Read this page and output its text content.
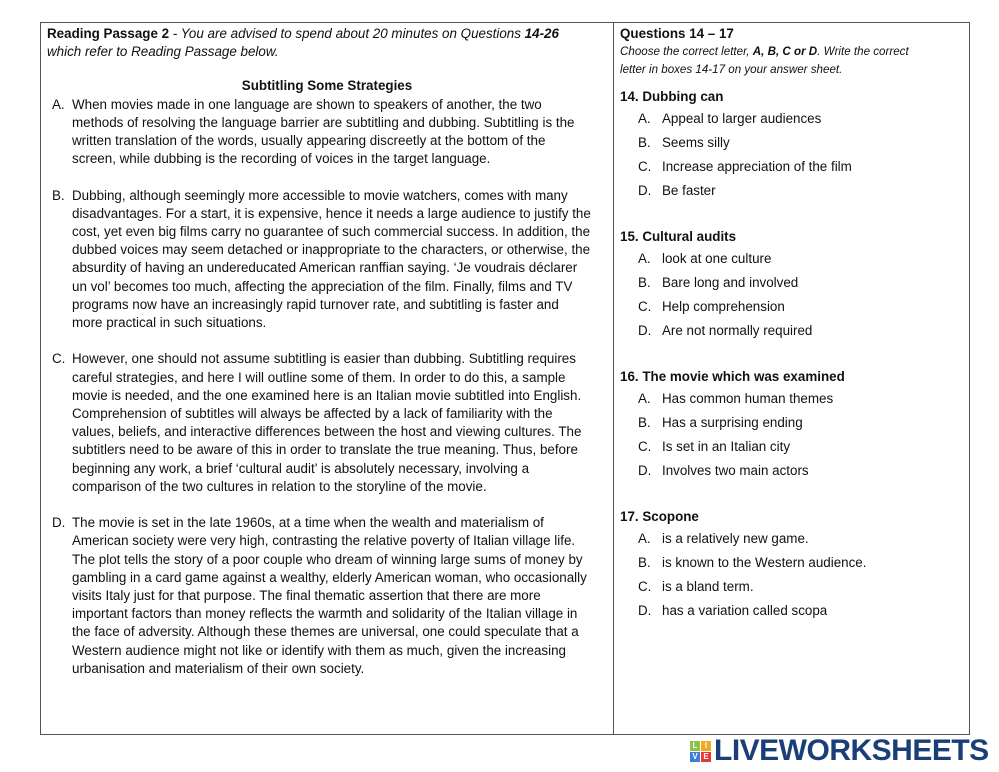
Reading Passage 2 - You are advised to spend about 20 minutes on Questions 14-26
which refer to Reading Passage below.
Subtitling Some Strategies
A. When movies made in one language are shown to speakers of another, the two
methods of resolving the language barrier are subtitling and dubbing. Subtitling is the
written translation of the words, usually appearing discreetly at the bottom of the
screen, while dubbing is the recording of voices in the target language.
B. Dubbing, although seemingly more accessible to movie watchers, comes with many
disadvantages. For a start, it is expensive, hence it needs a large audience to justify the
cost, yet even big films carry no guarantee of such commercial success. In addition, the
dubbed voices may seem detached or inappropriate to the characters, or otherwise, the
absurdity of having an undereducated American ranffian saying. ‘Je voudrais déclarer
un vol’ becomes too much, affecting the appreciation of the film. Finally, films and TV
programs now have an increasingly rapid turnover rate, and subtitling is faster and
more practical in such situations.
C. However, one should not assume subtitling is easier than dubbing. Subtitling requires
careful strategies, and here I will outline some of them. In order to do this, a sample
movie is needed, and the one examined here is an Italian movie subtitled into English.
Comprehension of subtitles will always be affected by a lack of familiarity with the
values, beliefs, and interactive differences between the host and viewing cultures. The
subtitlers need to be aware of this in order to translate the true meaning. Thus, before
beginning any work, a brief ‘cultural audit’ is absolutely necessary, involving a
comparison of the two cultures in relation to the storyline of the movie.
D. The movie is set in the late 1960s, at a time when the wealth and materialism of
American society were very high, contrasting the relative poverty of Italian village life.
The plot tells the story of a poor couple who dream of winning large sums of money by
gambling in a card game against a wealthy, elderly American woman, who occasionally
visits Italy just for that purpose. The final thematic assertion that there are more
important factors than money reflects the warmth and solidarity of the Italian village in
the face of adversity. Although these themes are universal, one could speculate that a
Western audience might not like or identify with them as much, given the increasing
urbanisation and materialism of their own society.
Questions 14 – 17
Choose the correct letter, A, B, C or D. Write the correct
letter in boxes 14-17 on your answer sheet.
14. Dubbing can
A. Appeal to larger audiences
B. Seems silly
C. Increase appreciation of the film
D. Be faster
15. Cultural audits
A. look at one culture
B. Bare long and involved
C. Help comprehension
D. Are not normally required
16. The movie which was examined
A. Has common human themes
B. Has a surprising ending
C. Is set in an Italian city
D. Involves two main actors
17. Scopone
A. is a relatively new game.
B. is known to the Western audience.
C. is a bland term.
D. has a variation called scopa
L I
V E LIVEWORKSHEETS
